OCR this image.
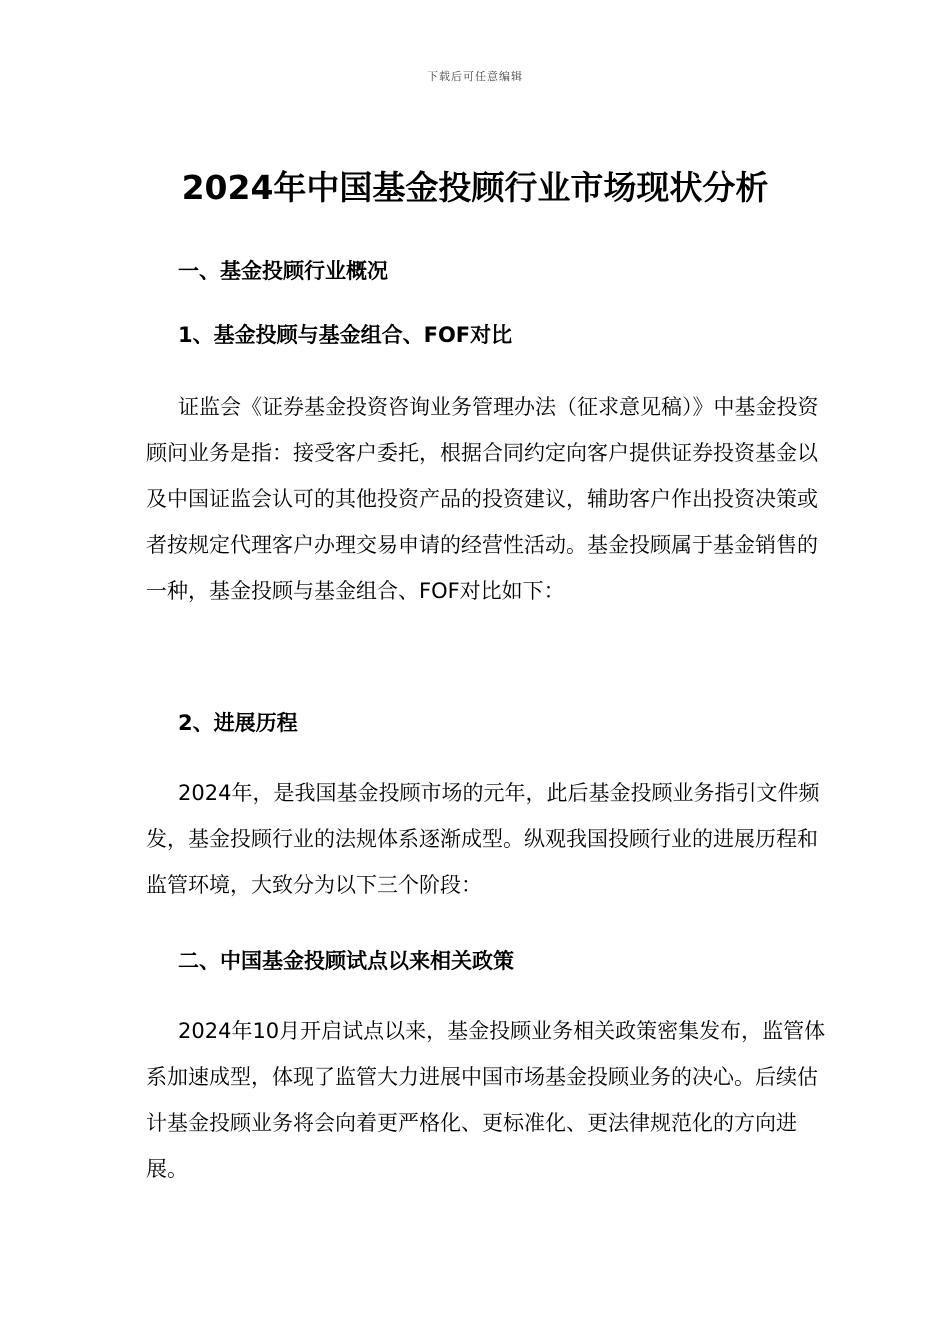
下载后可任意编辑
2024年中国基金投顾行业市场现状分析
一、基金投顾行业概况
1、基金投顾与基金组合、FOF对比

证监会《证券基金投资咨询业务管理办法（征求意见稿）》中基金投资顾问业务是指：接受客户委托，根据合同约定向客户提供证券投资基金以及中国证监会认可的其他投资产品的投资建议，辅助客户作出投资决策或者按规定代理客户办理交易申请的经营性活动。基金投顾属于基金销售的一种，基金投顾与基金组合、FOF对比如下：

2、进展历程

2024年，是我国基金投顾市场的元年，此后基金投顾业务指引文件频发，基金投顾行业的法规体系逐渐成型。纵观我国投顾行业的进展历程和监管环境，大致分为以下三个阶段：

二、中国基金投顾试点以来相关政策

2024年10月开启试点以来，基金投顾业务相关政策密集发布，监管体系加速成型，体现了监管大力进展中国市场基金投顾业务的决心。后续估计基金投顾业务将会向着更严格化、更标准化、更法律规范化的方向进展。
